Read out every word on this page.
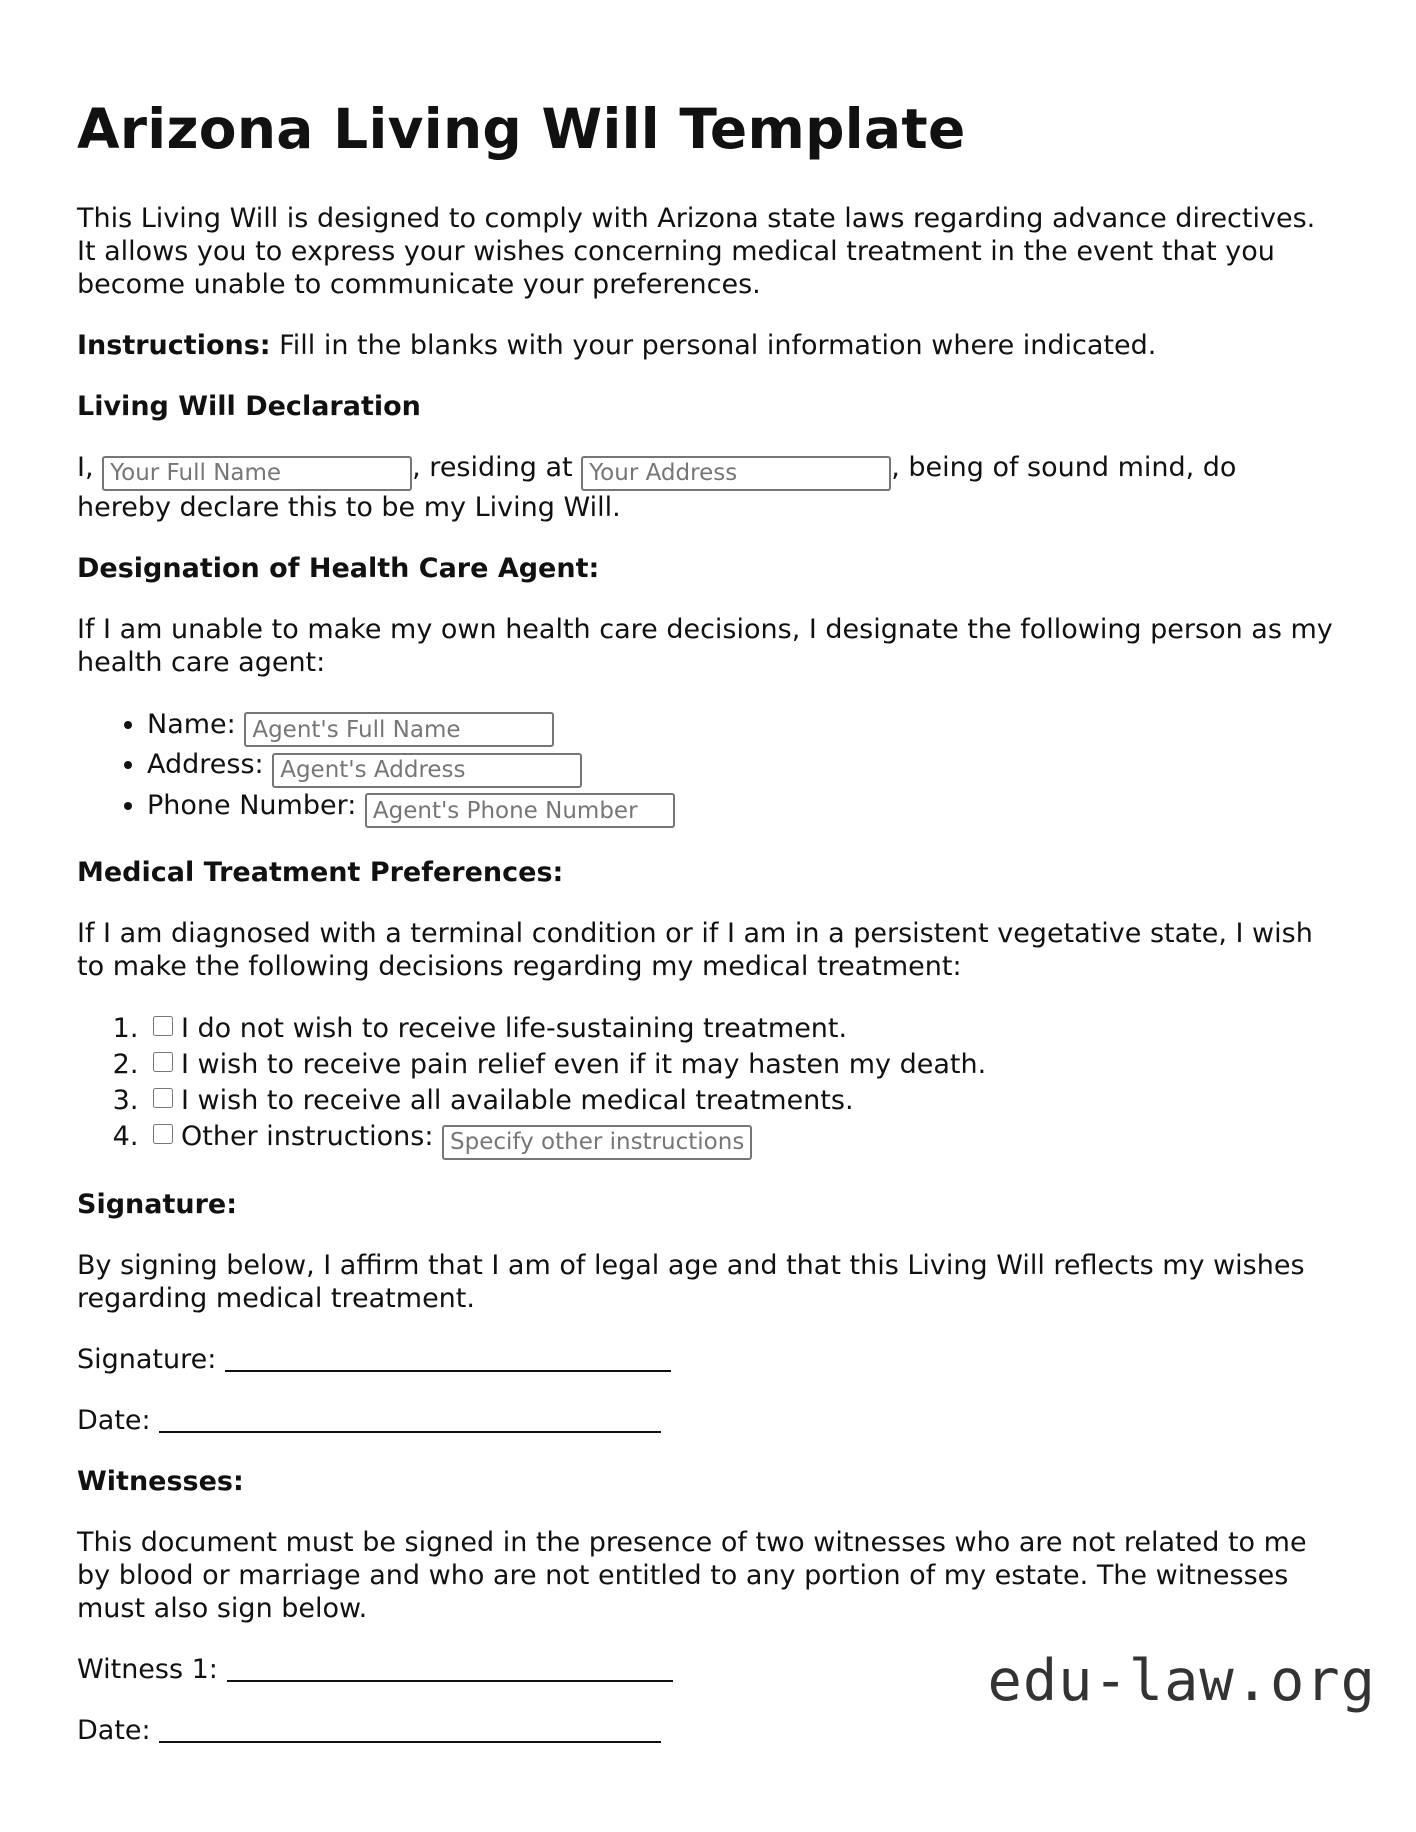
Arizona Living Will Template

This Living Will is designed to comply with Arizona state laws regarding advance directives. It allows you to express your wishes concerning medical treatment in the event that you become unable to communicate your preferences.

Instructions: Fill in the blanks with your personal information where indicated.

Living Will Declaration

I, Your Full Name	, residing at Your Address	, being of sound mind, do hereby declare this to be my Living Will.

Designation of Health Care Agent:

If I am unable to make my own health care decisions, I designate the following person as my health care agent:

• Name: Agent's Full Name
• Address: Agent's Address
• Phone Number: Agent's Phone Number
Medical Treatment Preferences:

If I am diagnosed with a terminal condition or if I am in a persistent vegetative state, I wish to make the following decisions regarding my medical treatment:

1. I do not wish to receive life-sustaining treatment.
2. I wish to receive pain relief even if it may hasten my death.
3. I wish to receive all available medical treatments.
4. Other instructions: Specify other instructions
Signature:

By signing below, I affirm that I am of legal age and that this Living Will reflects my wishes regarding medical treatment.

Signature:

Date:

Witnesses:

This document must be signed in the presence of two witnesses who are not related to me by blood or marriage and who are not entitled to any portion of my estate. The witnesses must also sign below.

Witness 1:

Date:

edu-law.org
